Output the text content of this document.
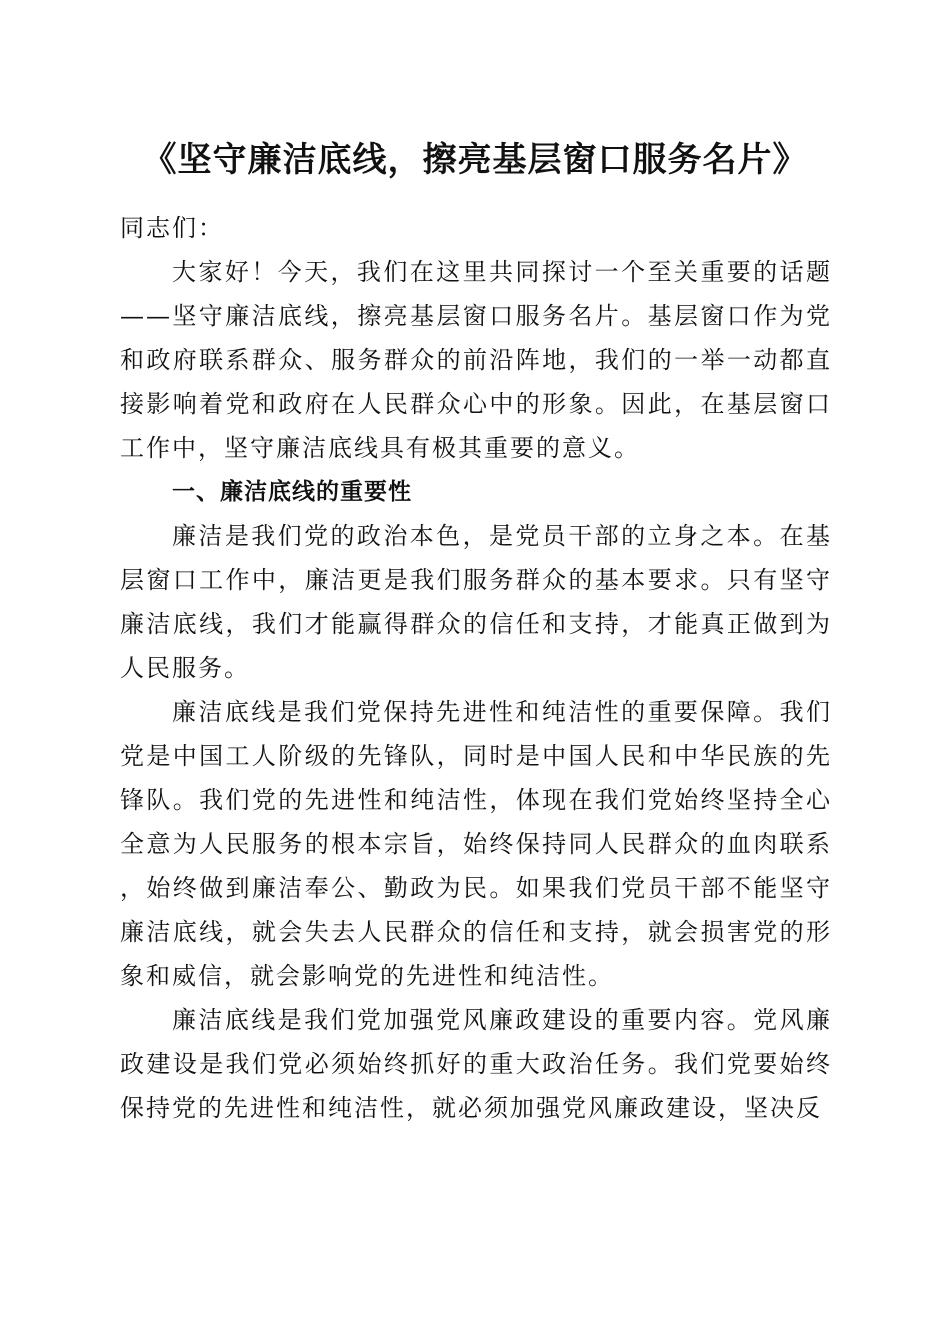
《坚守廉洁底线，擦亮基层窗口服务名片》

同志们：

大家好！今天，我们在这里共同探讨一个至关重要的话题——坚守廉洁底线，擦亮基层窗口服务名片。基层窗口作为党和政府联系群众、服务群众的前沿阵地，我们的一举一动都直接影响着党和政府在人民群众心中的形象。因此，在基层窗口工作中，坚守廉洁底线具有极其重要的意义。

一、廉洁底线的重要性

廉洁是我们党的政治本色，是党员干部的立身之本。在基层窗口工作中，廉洁更是我们服务群众的基本要求。只有坚守廉洁底线，我们才能赢得群众的信任和支持，才能真正做到为人民服务。

廉洁底线是我们党保持先进性和纯洁性的重要保障。我们党是中国工人阶级的先锋队，同时是中国人民和中华民族的先锋队。我们党的先进性和纯洁性，体现在我们党始终坚持全心全意为人民服务的根本宗旨，始终保持同人民群众的血肉联系，始终做到廉洁奉公、勤政为民。如果我们党员干部不能坚守廉洁底线，就会失去人民群众的信任和支持，就会损害党的形象和威信，就会影响党的先进性和纯洁性。

廉洁底线是我们党加强党风廉政建设的重要内容。党风廉政建设是我们党必须始终抓好的重大政治任务。我们党要始终保持党的先进性和纯洁性，就必须加强党风廉政建设，坚决反
